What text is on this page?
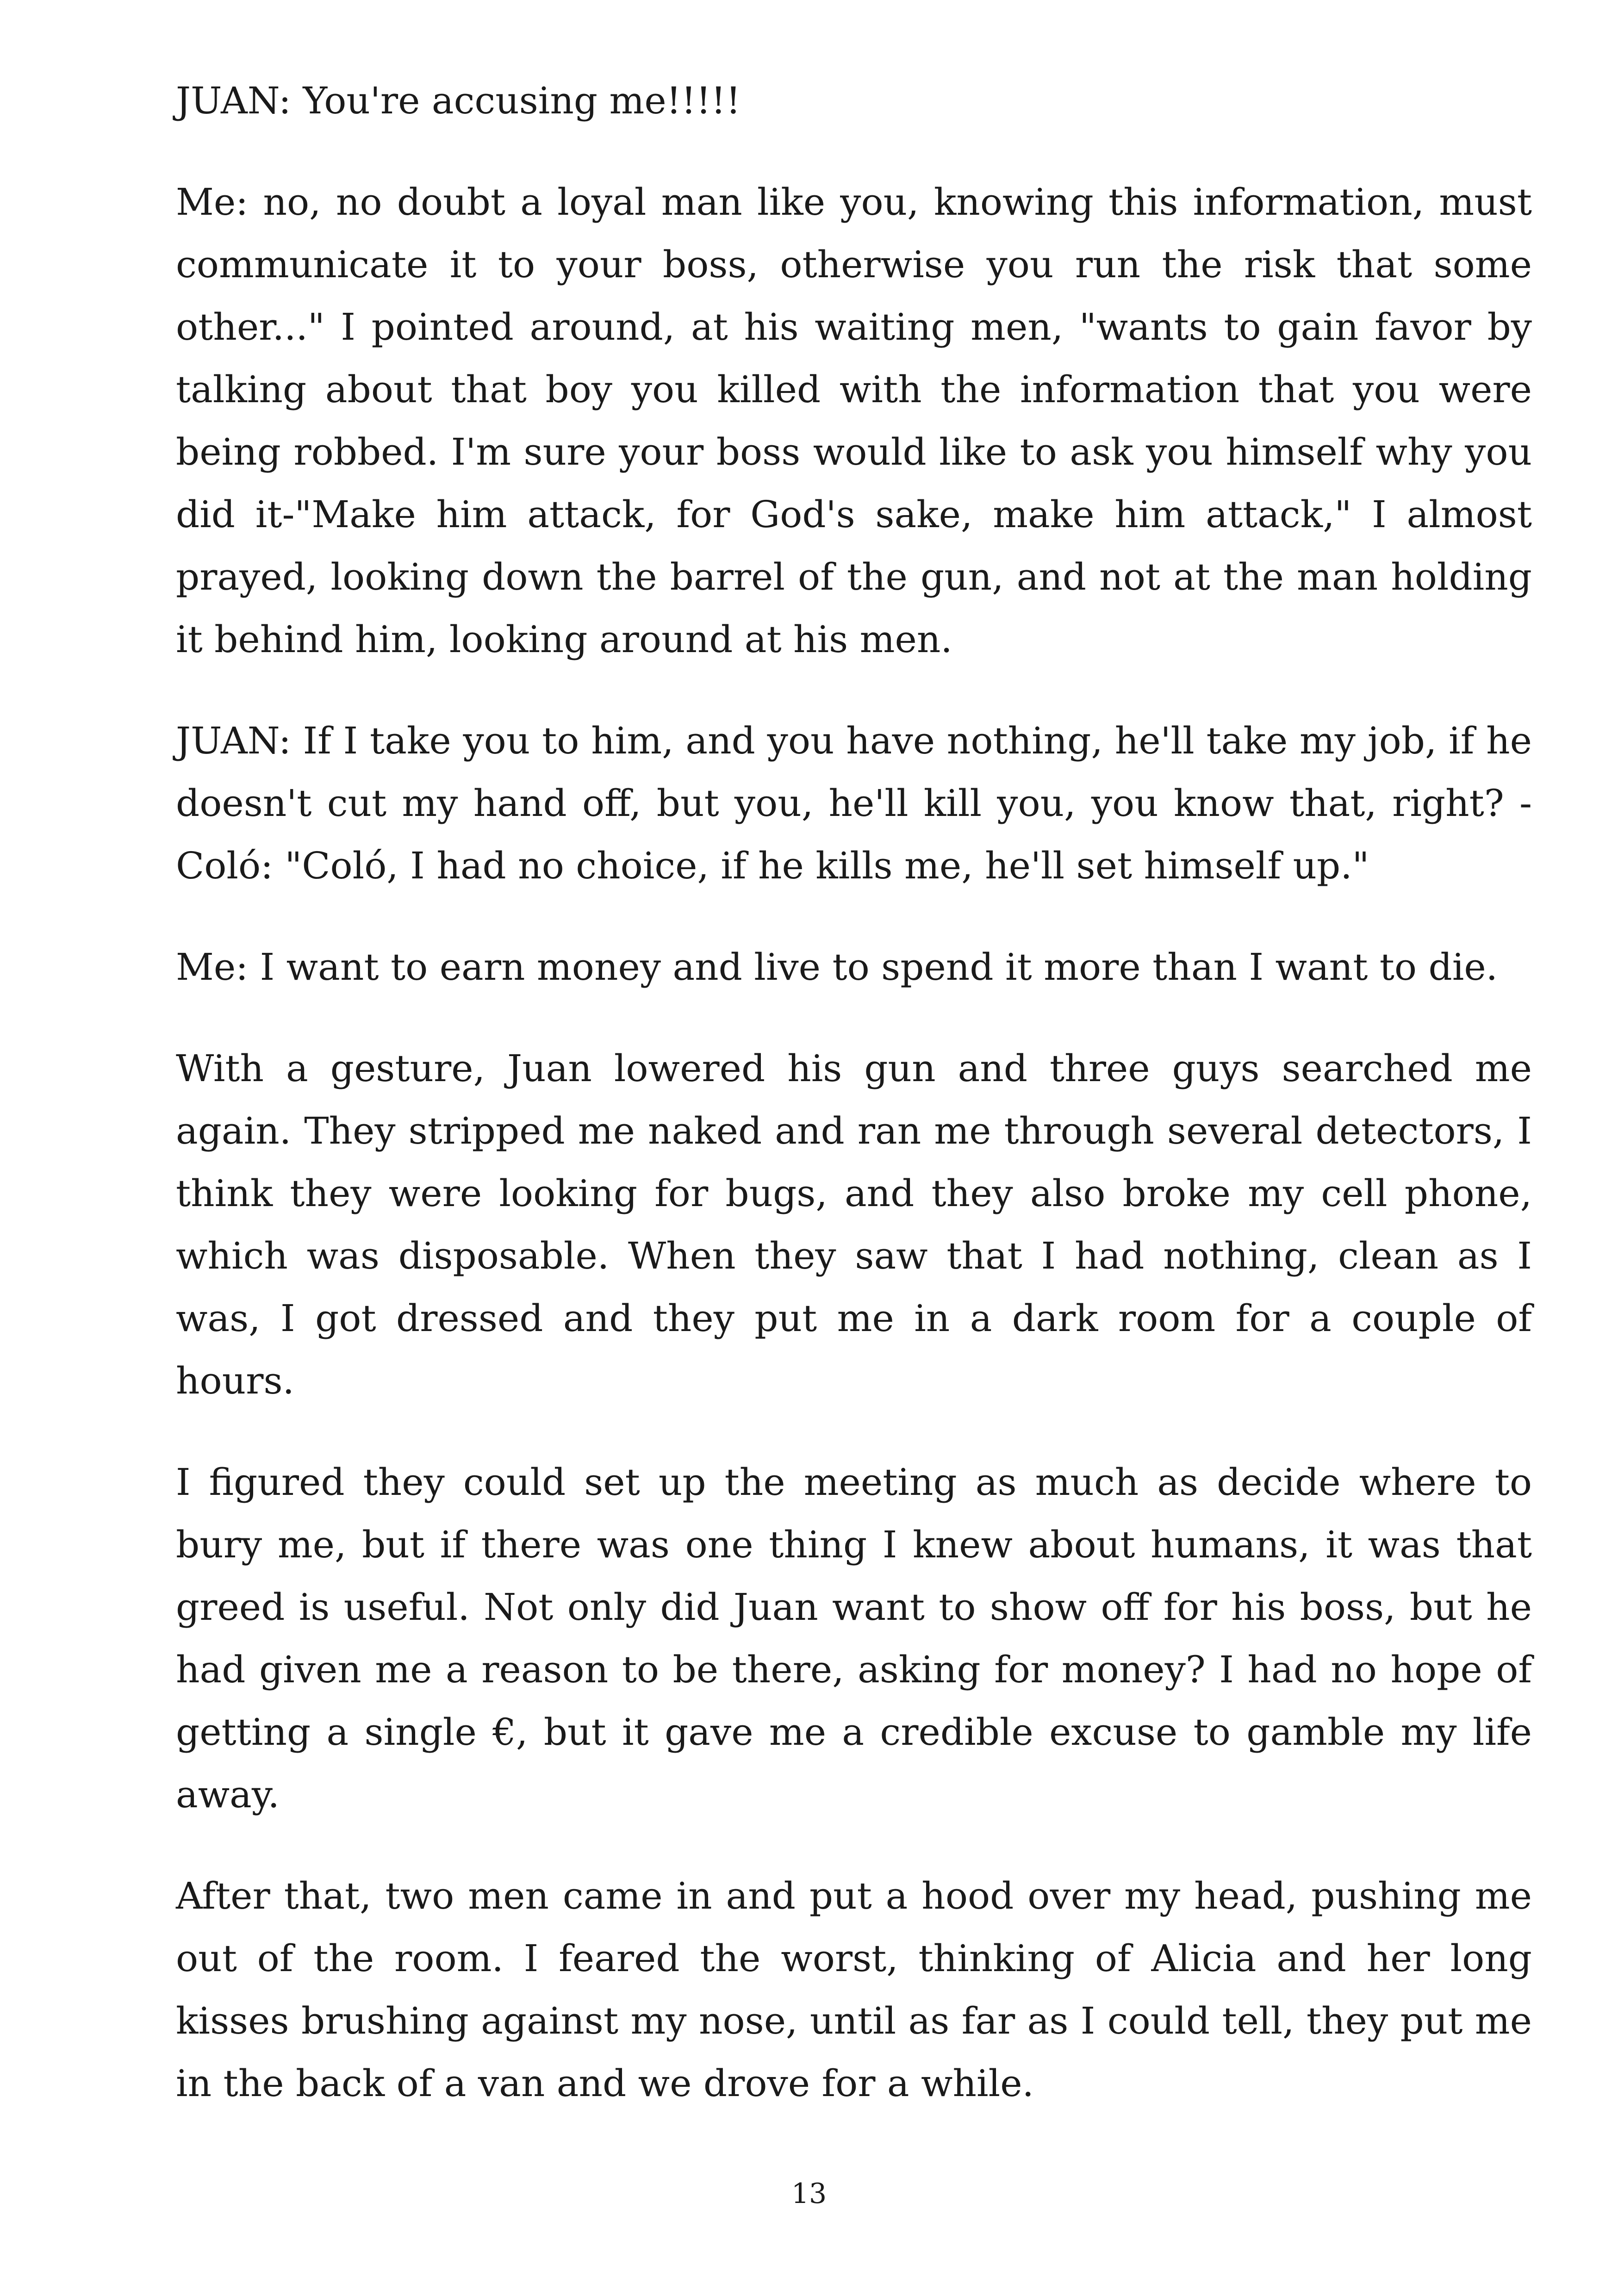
JUAN: You're accusing me!!!!!

Me: no, no doubt a loyal man like you, knowing this information, must communicate it to your boss, otherwise you run the risk that some other..." I pointed around, at his waiting men, "wants to gain favor by talking about that boy you killed with the information that you were being robbed. I'm sure your boss would like to ask you himself why you did it-"Make him attack, for God's sake, make him attack," I almost prayed, looking down the barrel of the gun, and not at the man holding it behind him, looking around at his men.

JUAN: If I take you to him, and you have nothing, he'll take my job, if he doesn't cut my hand off, but you, he'll kill you, you know that, right? - Coló: "Coló, I had no choice, if he kills me, he'll set himself up."

Me: I want to earn money and live to spend it more than I want to die.

With a gesture, Juan lowered his gun and three guys searched me again. They stripped me naked and ran me through several detectors, I think they were looking for bugs, and they also broke my cell phone, which was disposable. When they saw that I had nothing, clean as I was, I got dressed and they put me in a dark room for a couple of hours.

I figured they could set up the meeting as much as decide where to bury me, but if there was one thing I knew about humans, it was that greed is useful. Not only did Juan want to show off for his boss, but he had given me a reason to be there, asking for money? I had no hope of getting a single €, but it gave me a credible excuse to gamble my life away.

After that, two men came in and put a hood over my head, pushing me out of the room. I feared the worst, thinking of Alicia and her long kisses brushing against my nose, until as far as I could tell, they put me in the back of a van and we drove for a while.

13
